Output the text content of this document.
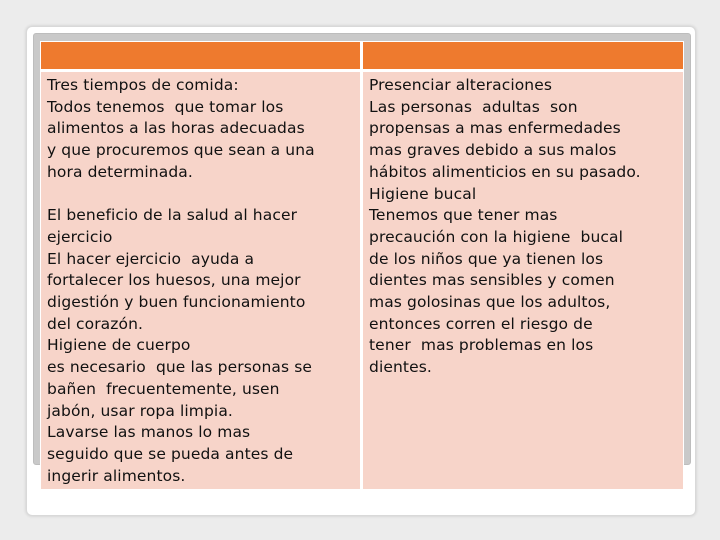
Tres tiempos de comida:
Todos tenemos  que tomar los
alimentos a las horas adecuadas
y que procuremos que sean a una
hora determinada.
El beneficio de la salud al hacer
ejercicio
El hacer ejercicio  ayuda a
fortalecer los huesos, una mejor
digestión y buen funcionamiento
del corazón.
Higiene de cuerpo
es necesario  que las personas se
bañen  frecuentemente, usen
jabón, usar ropa limpia.
Lavarse las manos lo mas
seguido que se pueda antes de
ingerir alimentos.
Presenciar alteraciones
Las personas  adultas  son
propensas a mas enfermedades
mas graves debido a sus malos
hábitos alimenticios en su pasado.
Higiene bucal
Tenemos que tener mas
precaución con la higiene  bucal
de los niños que ya tienen los
dientes mas sensibles y comen
mas golosinas que los adultos,
entonces corren el riesgo de
tener  mas problemas en los
dientes.
